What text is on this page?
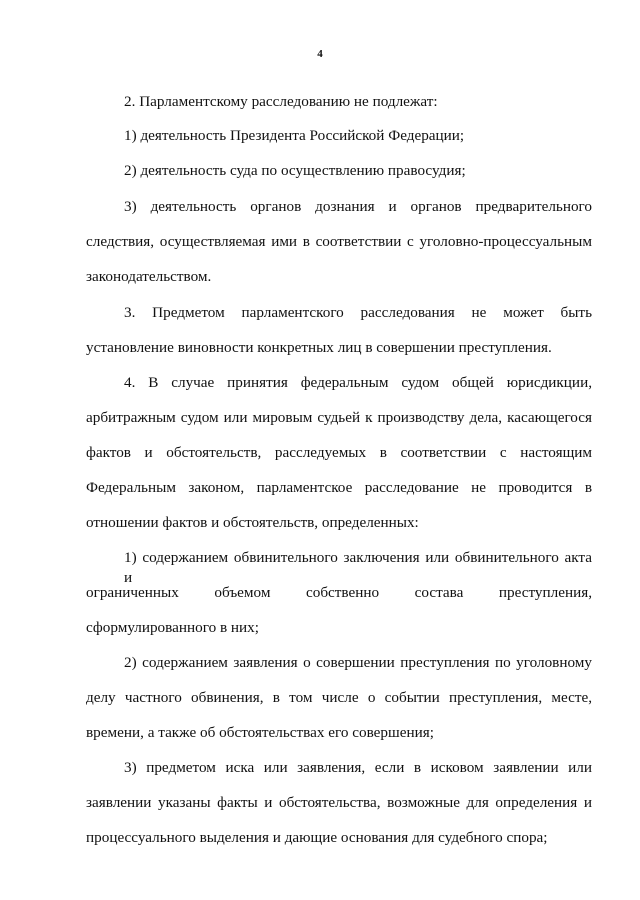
4
2. Парламентскому расследованию не подлежат:
1) деятельность Президента Российской Федерации;
2) деятельность суда по осуществлению правосудия;
3) деятельность органов дознания и органов предварительного
следствия, осуществляемая ими в соответствии с уголовно-процессуальным
законодательством.
3. Предметом парламентского расследования не может быть
установление виновности конкретных лиц в совершении преступления.
4. В случае принятия федеральным судом общей юрисдикции,
арбитражным судом или мировым судьей к производству дела, касающегося
фактов и обстоятельств, расследуемых в соответствии с настоящим
Федеральным законом, парламентское расследование не проводится в
отношении фактов и обстоятельств, определенных:
1) содержанием обвинительного заключения или обвинительного акта и
ограниченных объемом собственно состава преступления,
сформулированного в них;
2) содержанием заявления о совершении преступления по уголовному
делу частного обвинения, в том числе о событии преступления, месте,
времени, а также об обстоятельствах его совершения;
3) предметом иска или заявления, если в исковом заявлении или
заявлении указаны факты и обстоятельства, возможные для определения и
процессуального выделения и дающие основания для судебного спора;
